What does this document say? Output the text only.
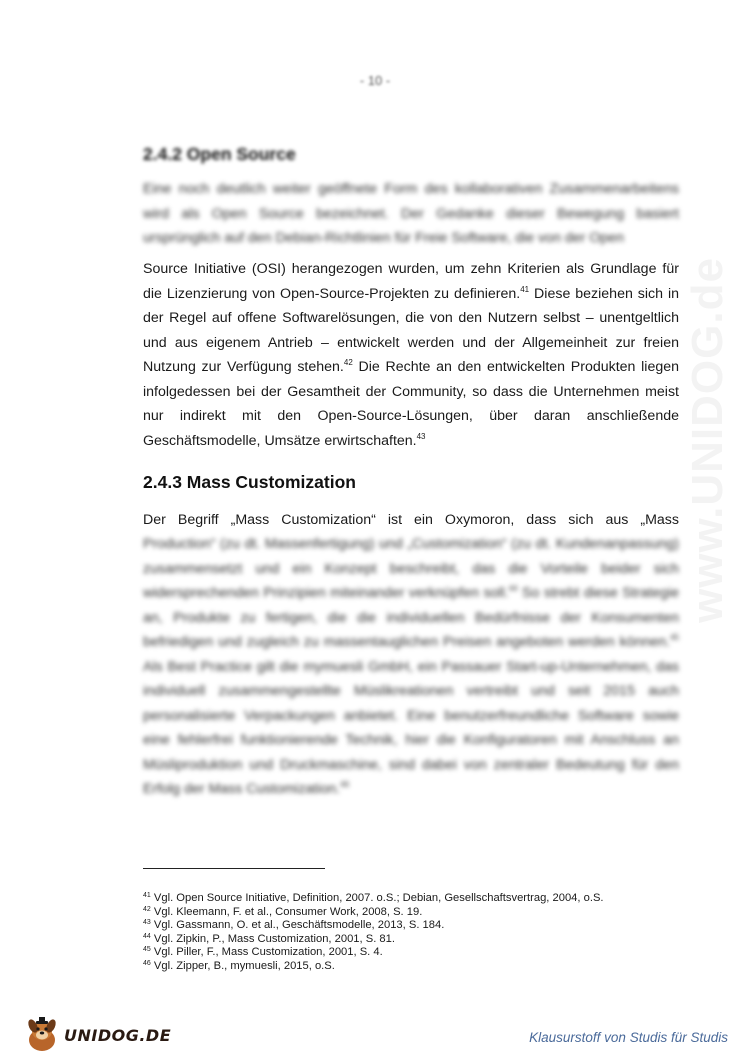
- 10 -
www.UNIDOG.de
2.4.2 Open Source

Eine noch deutlich weiter geöffnete Form des kollaborativen Zusammenarbeitens wird als Open Source bezeichnet. Der Gedanke dieser Bewegung basiert ursprünglich auf den Debian-Richtlinien für Freie Software, die von der Open

Source Initiative (OSI) herangezogen wurden, um zehn Kriterien als Grundlage für die Lizenzierung von Open-Source-Projekten zu definieren.$^{41}$ Diese beziehen sich in der Regel auf offene Softwarelösungen, die von den Nutzern selbst – unentgeltlich und aus eigenem Antrieb – entwickelt werden und der Allgemeinheit zur freien Nutzung zur Verfügung stehen.$^{42}$ Die Rechte an den entwickelten Produkten liegen infolgedessen bei der Gesamtheit der Community, so dass die Unternehmen meist nur indirekt mit den Open-Source-Lösungen, über daran anschließende Geschäftsmodelle, Umsätze erwirtschaften.$^{43}$

2.4.3 Mass Customization

Der Begriff „Mass Customization“ ist ein Oxymoron, dass sich aus „Mass

Production“ (zu dt. Massenfertigung) und „Customization“ (zu dt. Kundenanpassung) zusammensetzt und ein Konzept beschreibt, das die Vorteile beider sich widersprechenden Prinzipien miteinander verknüpfen soll.$^{44}$ So strebt diese Strategie an, Produkte zu fertigen, die die individuellen Bedürfnisse der Konsumenten befriedigen und zugleich zu massentauglichen Preisen angeboten werden können.$^{45}$ Als Best Practice gilt die mymuesli GmbH, ein Passauer Start-up-Unternehmen, das individuell zusammengestellte Müslikreationen vertreibt und seit 2015 auch personalisierte Verpackungen anbietet. Eine benutzerfreundliche Software sowie eine fehlerfrei funktionierende Technik, hier die Konfiguratoren mit Anschluss an Müsliproduktion und Druckmaschine, sind dabei von zentraler Bedeutung für den Erfolg der Mass Customization.$^{46}$

$^{41}$ Vgl. Open Source Initiative, Definition, 2007. o.S.; Debian, Gesellschaftsvertrag, 2004, o.S.
$^{42}$ Vgl. Kleemann, F. et al., Consumer Work, 2008, S. 19.
$^{43}$ Vgl. Gassmann, O. et al., Geschäftsmodelle, 2013, S. 184.
$^{44}$ Vgl. Zipkin, P., Mass Customization, 2001, S. 81.
$^{45}$ Vgl. Piller, F., Mass Customization, 2001, S. 4.
$^{46}$ Vgl. Zipper, B., mymuesli, 2015, o.S.
UNIDOG.DE	Klausurstoff von Studis für Studis
